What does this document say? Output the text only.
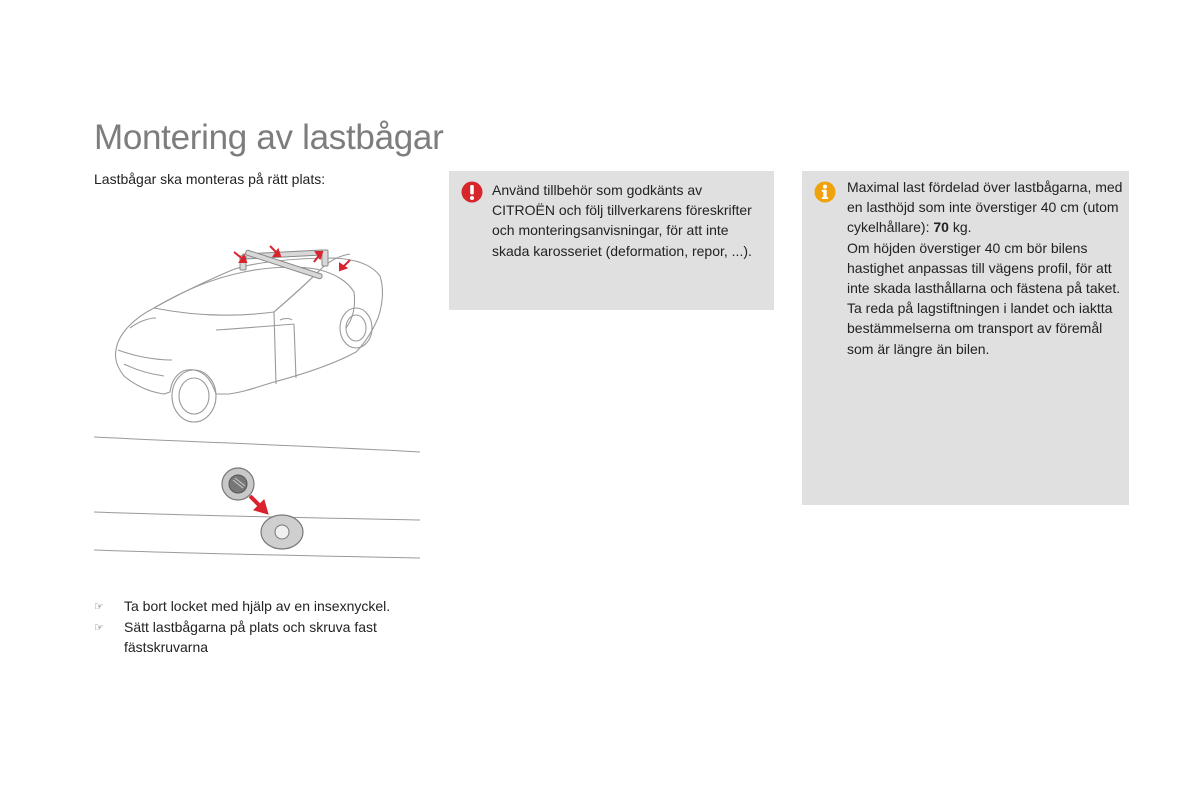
Montering av lastbågar
Lastbågar ska monteras på rätt plats:
☞	Ta bort locket med hjälp av en insexnyckel.
☞	Sätt lastbågarna på plats och skruva fast fästskruvarna

Använd tillbehör som godkänts av CITROËN och följ tillverkarens föreskrifter och monteringsanvisningar, för att inte skada karosseriet (deformation, repor, ...).

Maximal last fördelad över lastbågarna, med en lasthöjd som inte överstiger 40 cm (utom cykelhållare): 70 kg.

Om höjden överstiger 40 cm bör bilens hastighet anpassas till vägens profil, för att inte skada lasthållarna och fästena på taket.

Ta reda på lagstiftningen i landet och iaktta bestämmelserna om transport av föremål som är längre än bilen.
